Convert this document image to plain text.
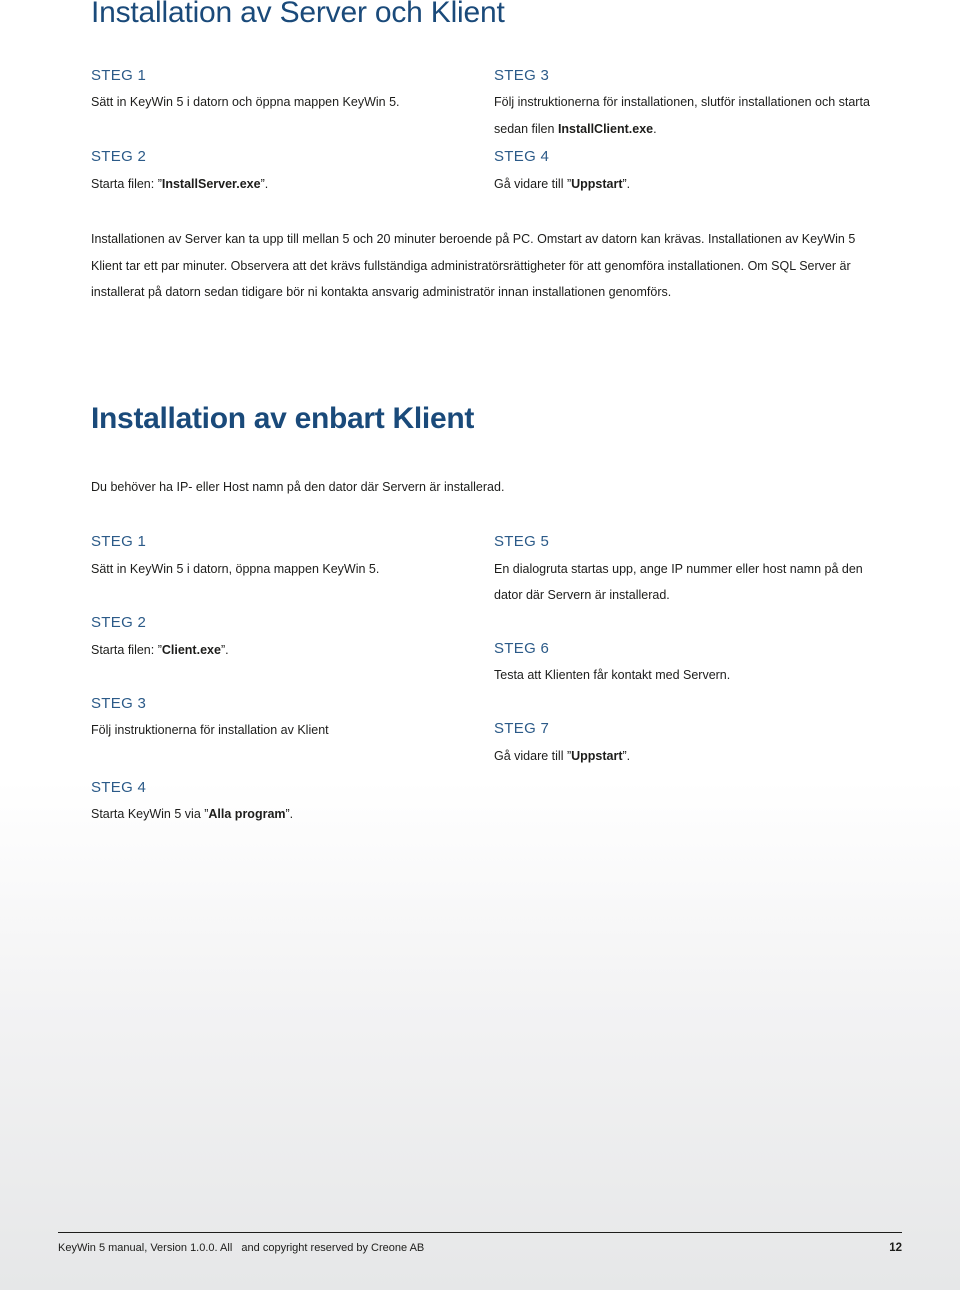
Installation av Server och Klient
STEG 1
Sätt in KeyWin 5 i datorn och öppna mappen KeyWin 5.
STEG 2
Starta filen: ”InstallServer.exe”.
STEG 3
Följ instruktionerna för installationen, slutför installationen och starta
sedan filen InstallClient.exe.
STEG 4
Gå vidare till ”Uppstart”.
Installationen av Server kan ta upp till mellan 5 och 20 minuter beroende på PC. Omstart av datorn kan krävas. Installationen av KeyWin 5 Klient tar ett par minuter. Observera att det krävs fullständiga administratörsrättigheter för att genomföra installationen. Om SQL Server är installerat på datorn sedan tidigare bör ni kontakta ansvarig administratör innan installationen genomförs.
Installation av enbart Klient
Du behöver ha IP- eller Host namn på den dator där Servern är installerad.
STEG 1
Sätt in KeyWin 5 i datorn, öppna mappen KeyWin 5.
STEG 2
Starta filen: ”Client.exe”.
STEG 3
Följ instruktionerna för installation av Klient
STEG 4
Starta KeyWin 5 via ”Alla program”.
STEG 5
En dialogruta startas upp, ange IP nummer eller host namn på den
dator där Servern är installerad.
STEG 6
Testa att Klienten får kontakt med Servern.
STEG 7
Gå vidare till ”Uppstart”.
KeyWin 5 manual, Version 1.0.0. All   and copyright reserved by Creone AB	12
